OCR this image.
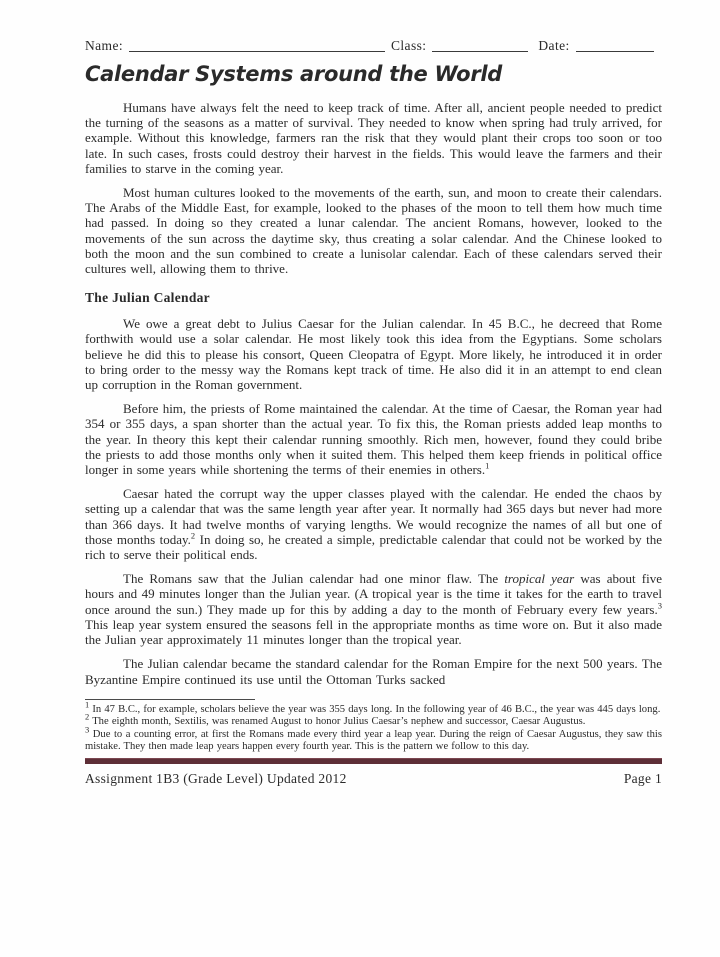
Name:	Class:	Date:
Calendar Systems around the World

Humans have always felt the need to keep track of time. After all, ancient people needed to predict the turning of the seasons as a matter of survival. They needed to know when spring had truly arrived, for example. Without this knowledge, farmers ran the risk that they would plant their crops too soon or too late. In such cases, frosts could destroy their harvest in the fields. This would leave the farmers and their families to starve in the coming year.

Most human cultures looked to the movements of the earth, sun, and moon to create their calendars. The Arabs of the Middle East, for example, looked to the phases of the moon to tell them how much time had passed. In doing so they created a lunar calendar. The ancient Romans, however, looked to the movements of the sun across the daytime sky, thus creating a solar calendar. And the Chinese looked to both the moon and the sun combined to create a lunisolar calendar. Each of these calendars served their cultures well, allowing them to thrive.

The Julian Calendar

We owe a great debt to Julius Caesar for the Julian calendar. In 45 B.C., he decreed that Rome forthwith would use a solar calendar. He most likely took this idea from the Egyptians. Some scholars believe he did this to please his consort, Queen Cleopatra of Egypt. More likely, he introduced it in order to bring order to the messy way the Romans kept track of time. He also did it in an attempt to end clean up corruption in the Roman government.

Before him, the priests of Rome maintained the calendar. At the time of Caesar, the Roman year had 354 or 355 days, a span shorter than the actual year. To fix this, the Roman priests added leap months to the year. In theory this kept their calendar running smoothly. Rich men, however, found they could bribe the priests to add those months only when it suited them. This helped them keep friends in political office longer in some years while shortening the terms of their enemies in others.$^1$

Caesar hated the corrupt way the upper classes played with the calendar. He ended the chaos by setting up a calendar that was the same length year after year. It normally had 365 days but never had more than 366 days. It had twelve months of varying lengths. We would recognize the names of all but one of those months today.$^2$ In doing so, he created a simple, predictable calendar that could not be worked by the rich to serve their political ends.

The Romans saw that the Julian calendar had one minor flaw. The tropical year was about five hours and 49 minutes longer than the Julian year. (A tropical year is the time it takes for the earth to travel once around the sun.) They made up for this by adding a day to the month of February every few years.$^3$ This leap year system ensured the seasons fell in the appropriate months as time wore on. But it also made the Julian year approximately 11 minutes longer than the tropical year.

The Julian calendar became the standard calendar for the Roman Empire for the next 500 years. The Byzantine Empire continued its use until the Ottoman Turks sacked

$^1$ In 47 B.C., for example, scholars believe the year was 355 days long. In the following year of 46 B.C., the year was 445 days long.
$^2$ The eighth month, Sextilis, was renamed August to honor Julius Caesar’s nephew and successor, Caesar Augustus.
$^3$ Due to a counting error, at first the Romans made every third year a leap year. During the reign of Caesar Augustus, they saw this mistake. They then made leap years happen every fourth year. This is the pattern we follow to this day.
Assignment 1B3 (Grade Level) Updated 2012	Page 1
